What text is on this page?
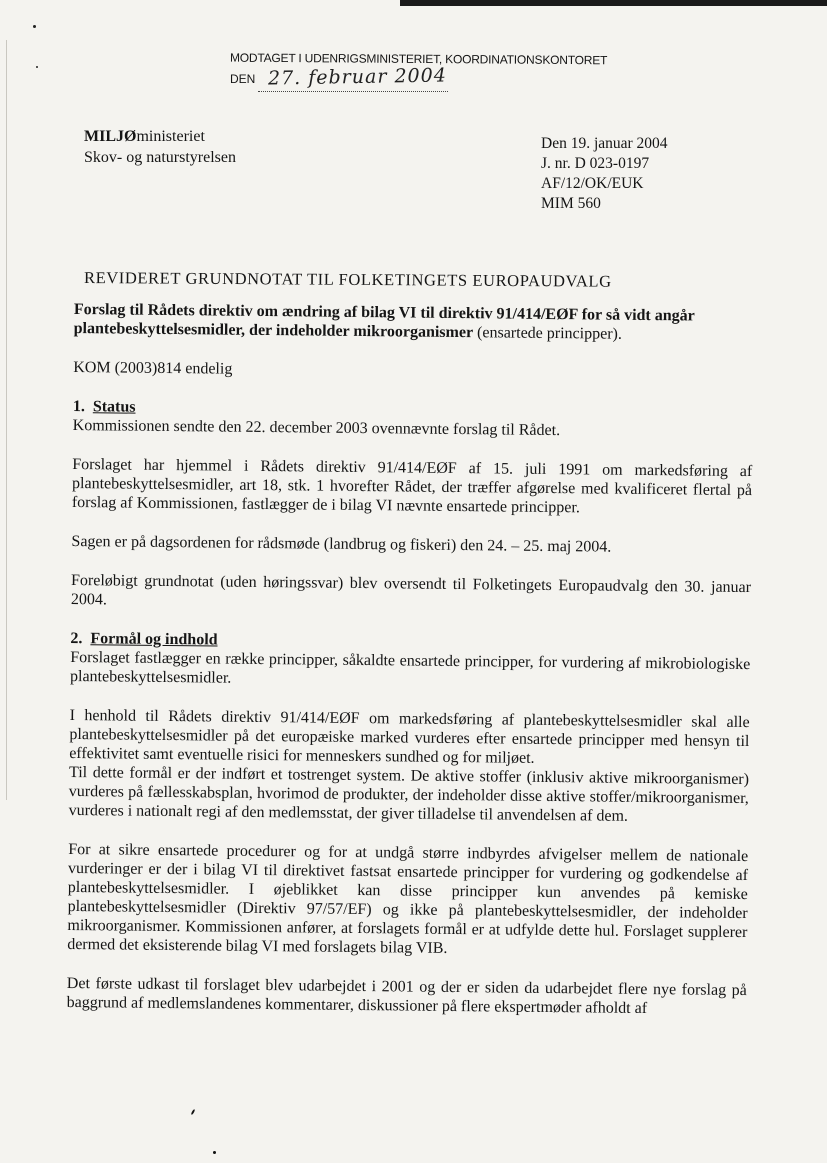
MODTAGET I UDENRIGSMINISTERIET, KOORDINATIONSKONTORET
DEN 27. februar 2004
MILJØministeriet
Skov- og naturstyrelsen
Den 19. januar 2004
J. nr. D 023-0197
AF/12/OK/EUK
MIM 560
REVIDERET GRUNDNOTAT TIL FOLKETINGETS EUROPAUDVALG

Forslag til Rådets direktiv om ændring af bilag VI til direktiv 91/414/EØF for så vidt angår plantebeskyttelsesmidler, der indeholder mikroorganismer (ensartede principper).

KOM (2003)814 endelig

1. Status

Kommissionen sendte den 22. december 2003 ovennævnte forslag til Rådet.

Forslaget har hjemmel i Rådets direktiv 91/414/EØF af 15. juli 1991 om markedsføring af plantebeskyttelsesmidler, art 18, stk. 1 hvorefter Rådet, der træffer afgørelse med kvalificeret flertal på forslag af Kommissionen, fastlægger de i bilag VI nævnte ensartede principper.

Sagen er på dagsordenen for rådsmøde (landbrug og fiskeri) den 24. – 25. maj 2004.

Foreløbigt grundnotat (uden høringssvar) blev oversendt til Folketingets Europaudvalg den 30. januar 2004.

2. Formål og indhold

Forslaget fastlægger en række principper, såkaldte ensartede principper, for vurdering af mikrobiologiske plantebeskyttelsesmidler.

I henhold til Rådets direktiv 91/414/EØF om markedsføring af plantebeskyttelsesmidler skal alle plantebeskyttelsesmidler på det europæiske marked vurderes efter ensartede principper med hensyn til effektivitet samt eventuelle risici for menneskers sundhed og for miljøet.

Til dette formål er der indført et tostrenget system. De aktive stoffer (inklusiv aktive mikroorganismer) vurderes på fællesskabsplan, hvorimod de produkter, der indeholder disse aktive stoffer/mikroorganismer, vurderes i nationalt regi af den medlemsstat, der giver tilladelse til anvendelsen af dem.

For at sikre ensartede procedurer og for at undgå større indbyrdes afvigelser mellem de nationale vurderinger er der i bilag VI til direktivet fastsat ensartede principper for vurdering og godkendelse af plantebeskyttelsesmidler. I øjeblikket kan disse principper kun anvendes på kemiske plantebeskyttelsesmidler (Direktiv 97/57/EF) og ikke på plantebeskyttelsesmidler, der indeholder mikroorganismer. Kommissionen anfører, at forslagets formål er at udfylde dette hul. Forslaget supplerer dermed det eksisterende bilag VI med forslagets bilag VIB.

Det første udkast til forslaget blev udarbejdet i 2001 og der er siden da udarbejdet flere nye forslag på baggrund af medlemslandenes kommentarer, diskussioner på flere ekspertmøder afholdt af
